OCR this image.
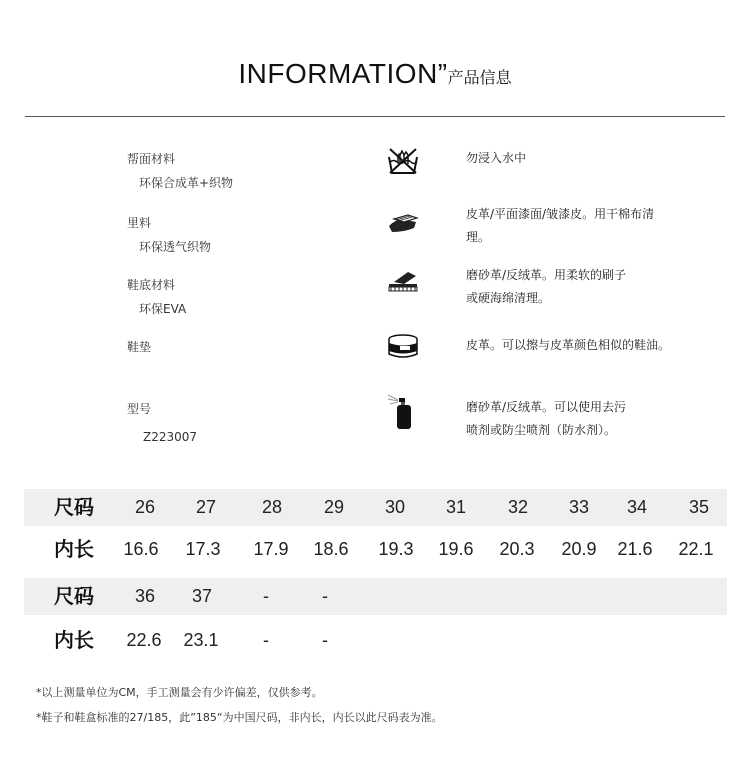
INFORMATION”产品信息
帮面材料
环保合成革+织物
里料
环保透气织物
鞋底材料
环保EVA
鞋垫
型号
Z223007
勿浸入水中
皮革/平面漆面/皱漆皮。用干棉布清
理。
磨砂革/反绒革。用柔软的刷子
或硬海绵清理。
皮革。可以擦与皮革颜色相似的鞋油。
磨砂革/反绒革。可以使用去污
喷剂或防尘喷剂（防水剂）。
尺码	26	27	28	29	30	31	32	33	34	35
内长	16.6	17.3	17.9	18.6	19.3	19.6	20.3	20.9	21.6	22.1
尺码	36	37	-	-
内长	22.6	23.1	-	-
*以上测量单位为CM，手工测量会有少许偏差，仅供参考。
*鞋子和鞋盒标准的27/185，此”185“为中国尺码，非内长，内长以此尺码表为准。
